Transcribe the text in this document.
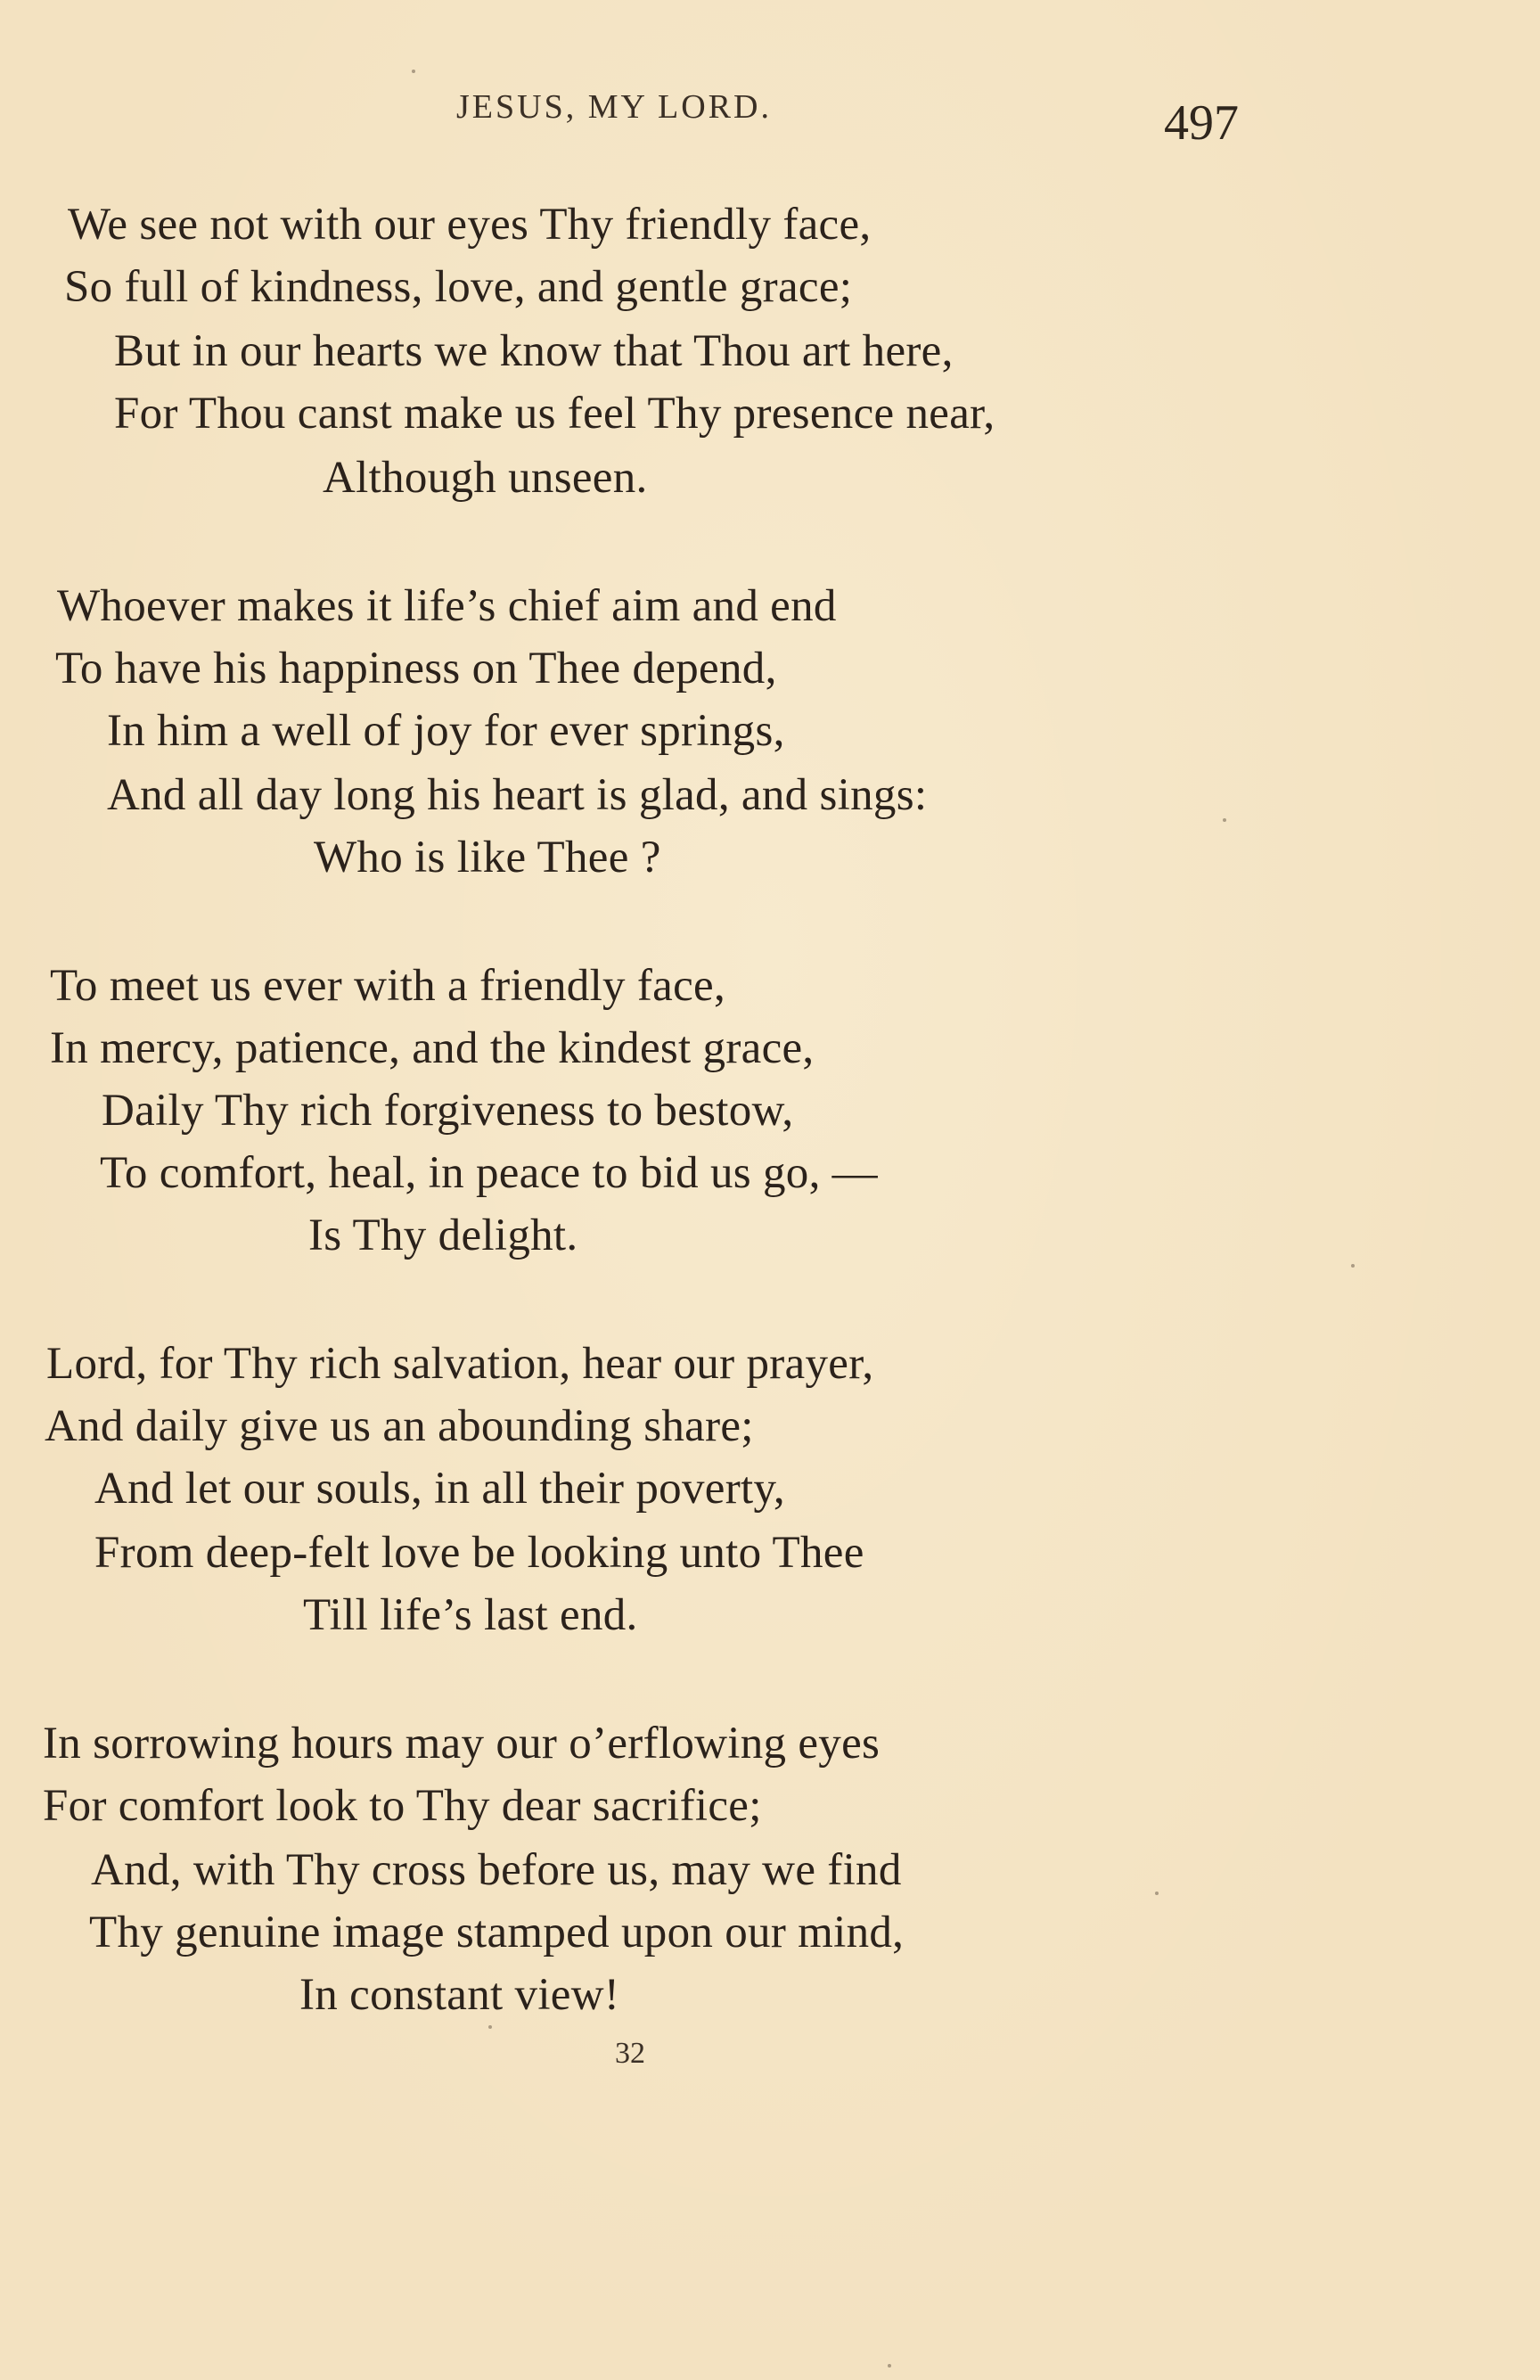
JESUS, MY LORD.	497
We see not with our eyes Thy friendly face,
So full of kindness, love, and gentle grace;
But in our hearts we know that Thou art here,
For Thou canst make us feel Thy presence near,
Although unseen.
Whoever makes it life’s chief aim and end
To have his happiness on Thee depend,
In him a well of joy for ever springs,
And all day long his heart is glad, and sings:
Who is like Thee ?
To meet us ever with a friendly face,
In mercy, patience, and the kindest grace,
Daily Thy rich forgiveness to bestow,
To comfort, heal, in peace to bid us go, —
Is Thy delight.
Lord, for Thy rich salvation, hear our prayer,
And daily give us an abounding share;
And let our souls, in all their poverty,
From deep-felt love be looking unto Thee
Till life’s last end.
In sorrowing hours may our o’erflowing eyes
For comfort look to Thy dear sacrifice;
And, with Thy cross before us, may we find
Thy genuine image stamped upon our mind,
In constant view!
32
